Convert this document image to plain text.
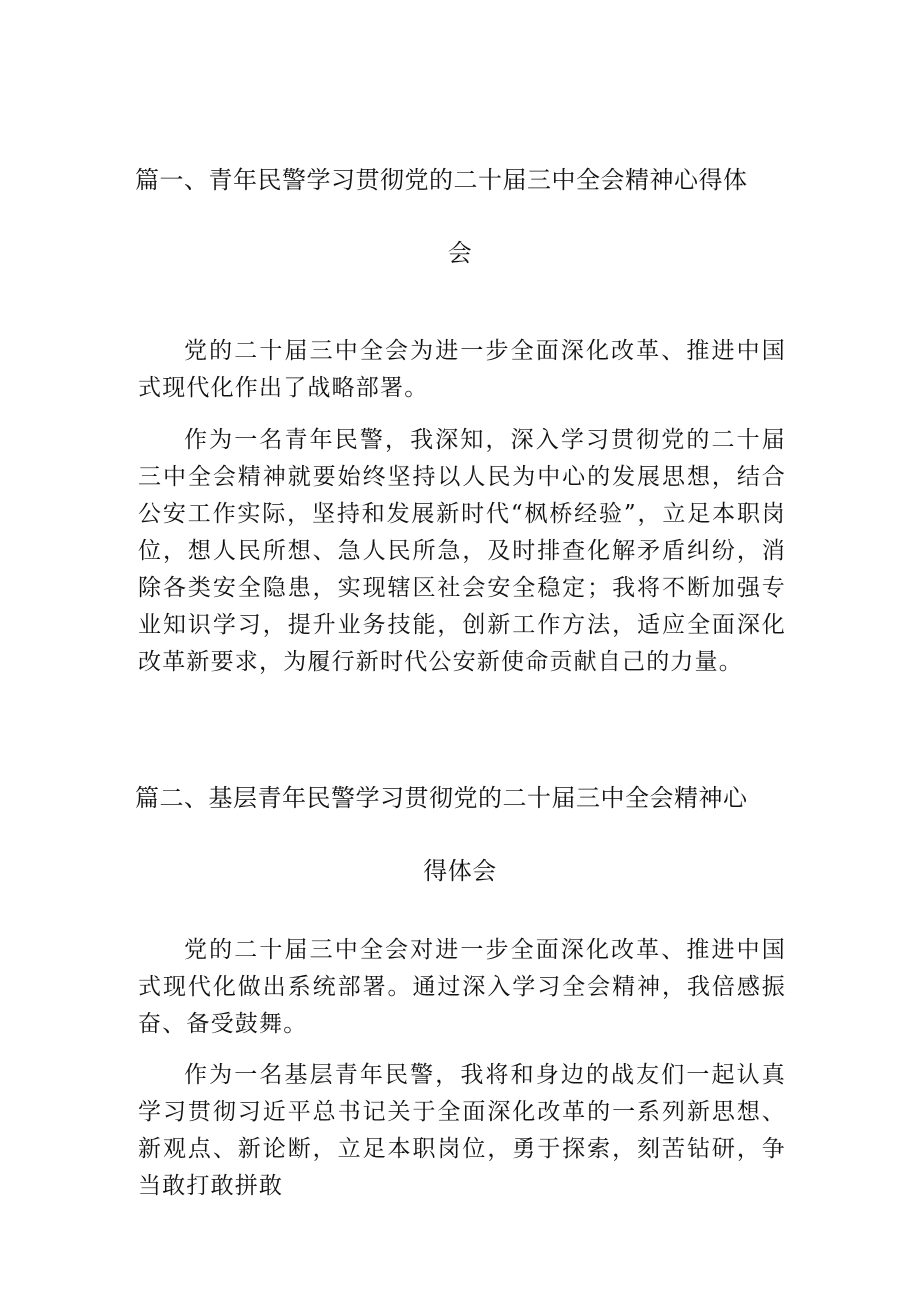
篇一、青年民警学习贯彻党的二十届三中全会精神心得体
会

党的二十届三中全会为进一步全面深化改革、推进中国式现代化作出了战略部署。

作为一名青年民警，我深知，深入学习贯彻党的二十届三中全会精神就要始终坚持以人民为中心的发展思想，结合公安工作实际，坚持和发展新时代“枫桥经验”，立足本职岗位，想人民所想、急人民所急，及时排查化解矛盾纠纷，消除各类安全隐患，实现辖区社会安全稳定；我将不断加强专业知识学习，提升业务技能，创新工作方法，适应全面深化改革新要求，为履行新时代公安新使命贡献自己的力量。

篇二、基层青年民警学习贯彻党的二十届三中全会精神心
得体会

党的二十届三中全会对进一步全面深化改革、推进中国式现代化做出系统部署。通过深入学习全会精神，我倍感振奋、备受鼓舞。

作为一名基层青年民警，我将和身边的战友们一起认真学习贯彻习近平总书记关于全面深化改革的一系列新思想、新观点、新论断，立足本职岗位，勇于探索，刻苦钻研，争当敢打敢拼敢
